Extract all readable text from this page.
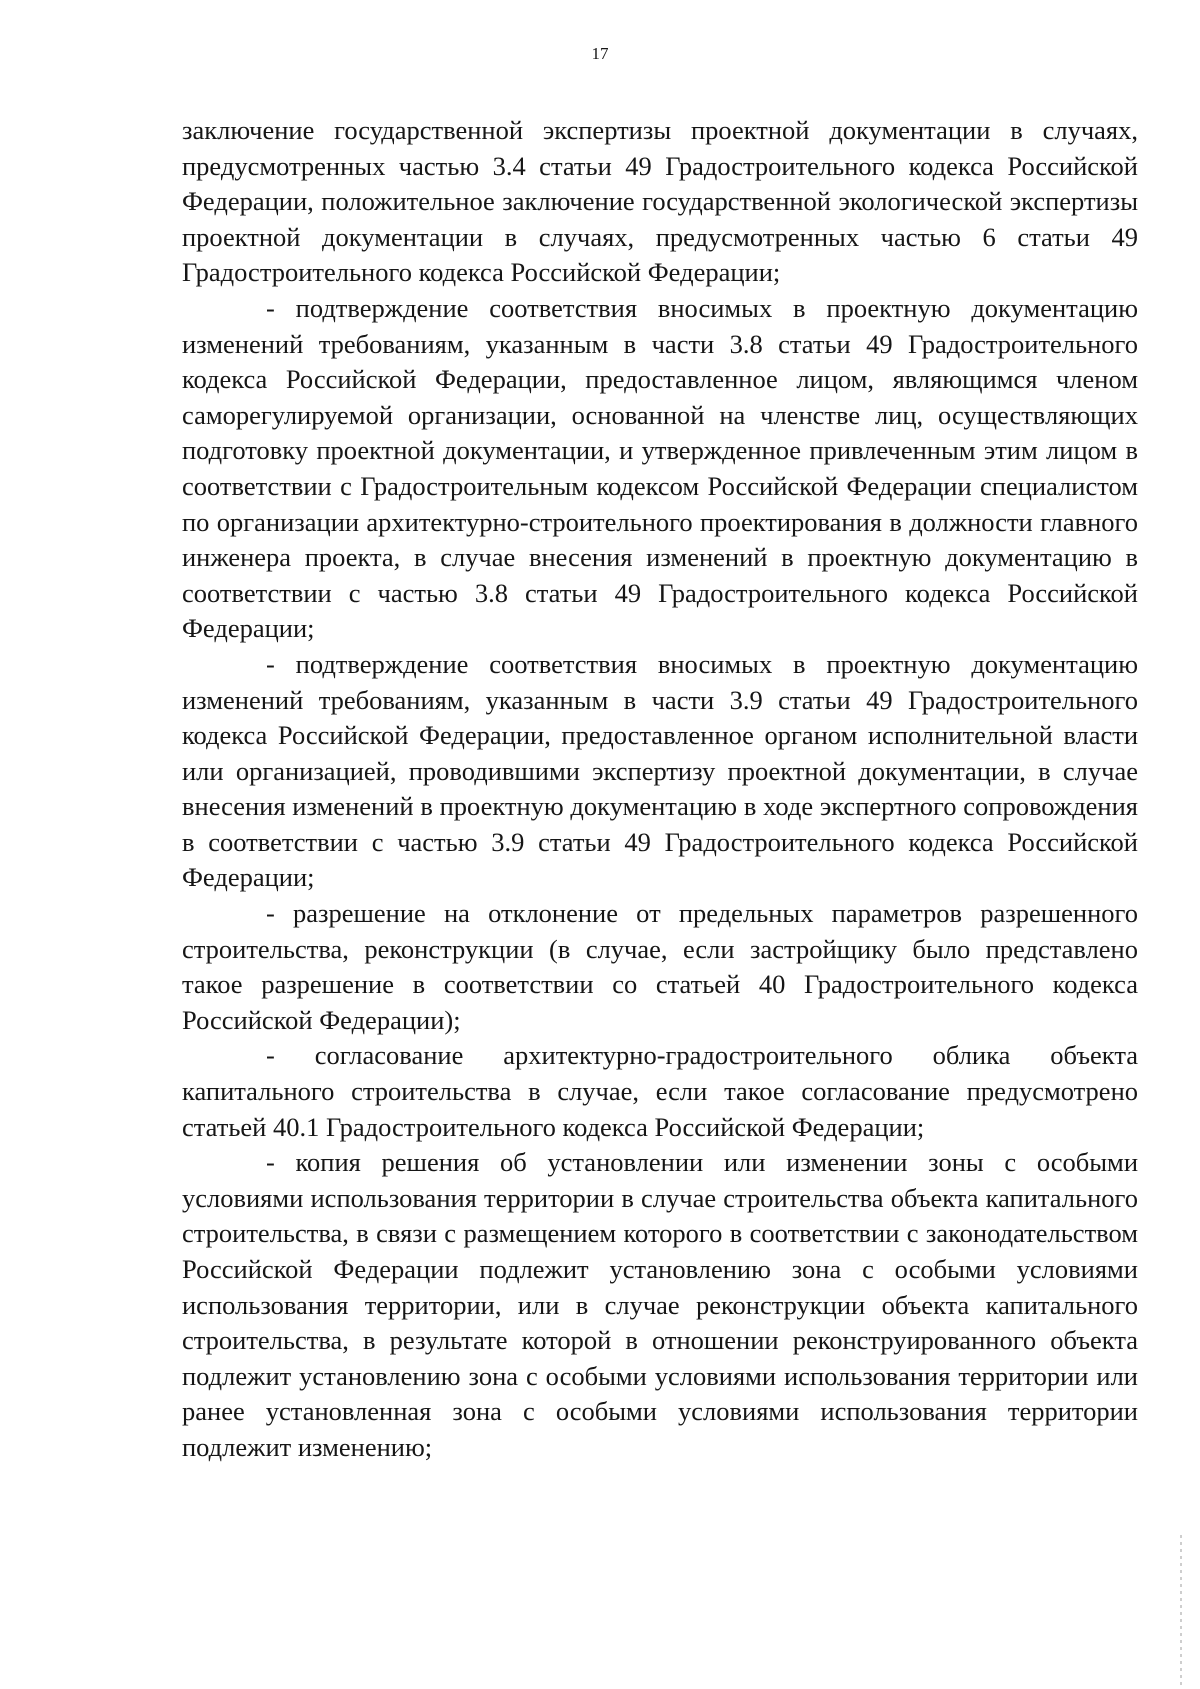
17

заключение государственной экспертизы проектной документации в случаях, предусмотренных частью 3.4 статьи 49 Градостроительного кодекса Российской Федерации, положительное заключение государственной экологической экспертизы проектной документации в случаях, предусмотренных частью 6 статьи 49 Градостроительного кодекса Российской Федерации;

- подтверждение соответствия вносимых в проектную документацию изменений требованиям, указанным в части 3.8 статьи 49 Градостроительного кодекса Российской Федерации, предоставленное лицом, являющимся членом саморегулируемой организации, основанной на членстве лиц, осуществляющих подготовку проектной документации, и утвержденное привлеченным этим лицом в соответствии с Градостроительным кодексом Российской Федерации специалистом по организации архитектурно-строительного проектирования в должности главного инженера проекта, в случае внесения изменений в проектную документацию в соответствии с частью 3.8 статьи 49 Градостроительного кодекса Российской Федерации;

- подтверждение соответствия вносимых в проектную документацию изменений требованиям, указанным в части 3.9 статьи 49 Градостроительного кодекса Российской Федерации, предоставленное органом исполнительной власти или организацией, проводившими экспертизу проектной документации, в случае внесения изменений в проектную документацию в ходе экспертного сопровождения в соответствии с частью 3.9 статьи 49 Градостроительного кодекса Российской Федерации;

- разрешение на отклонение от предельных параметров разрешенного строительства, реконструкции (в случае, если застройщику было представлено такое разрешение в соответствии со статьей 40 Градостроительного кодекса Российской Федерации);

- согласование архитектурно-градостроительного облика объекта капитального строительства в случае, если такое согласование предусмотрено статьей 40.1 Градостроительного кодекса Российской Федерации;

- копия решения об установлении или изменении зоны с особыми условиями использования территории в случае строительства объекта капитального строительства, в связи с размещением которого в соответствии с законодательством Российской Федерации подлежит установлению зона с особыми условиями использования территории, или в случае реконструкции объекта капитального строительства, в результате которой в отношении реконструированного объекта подлежит установлению зона с особыми условиями использования территории или ранее установленная зона с особыми условиями использования территории подлежит изменению;
